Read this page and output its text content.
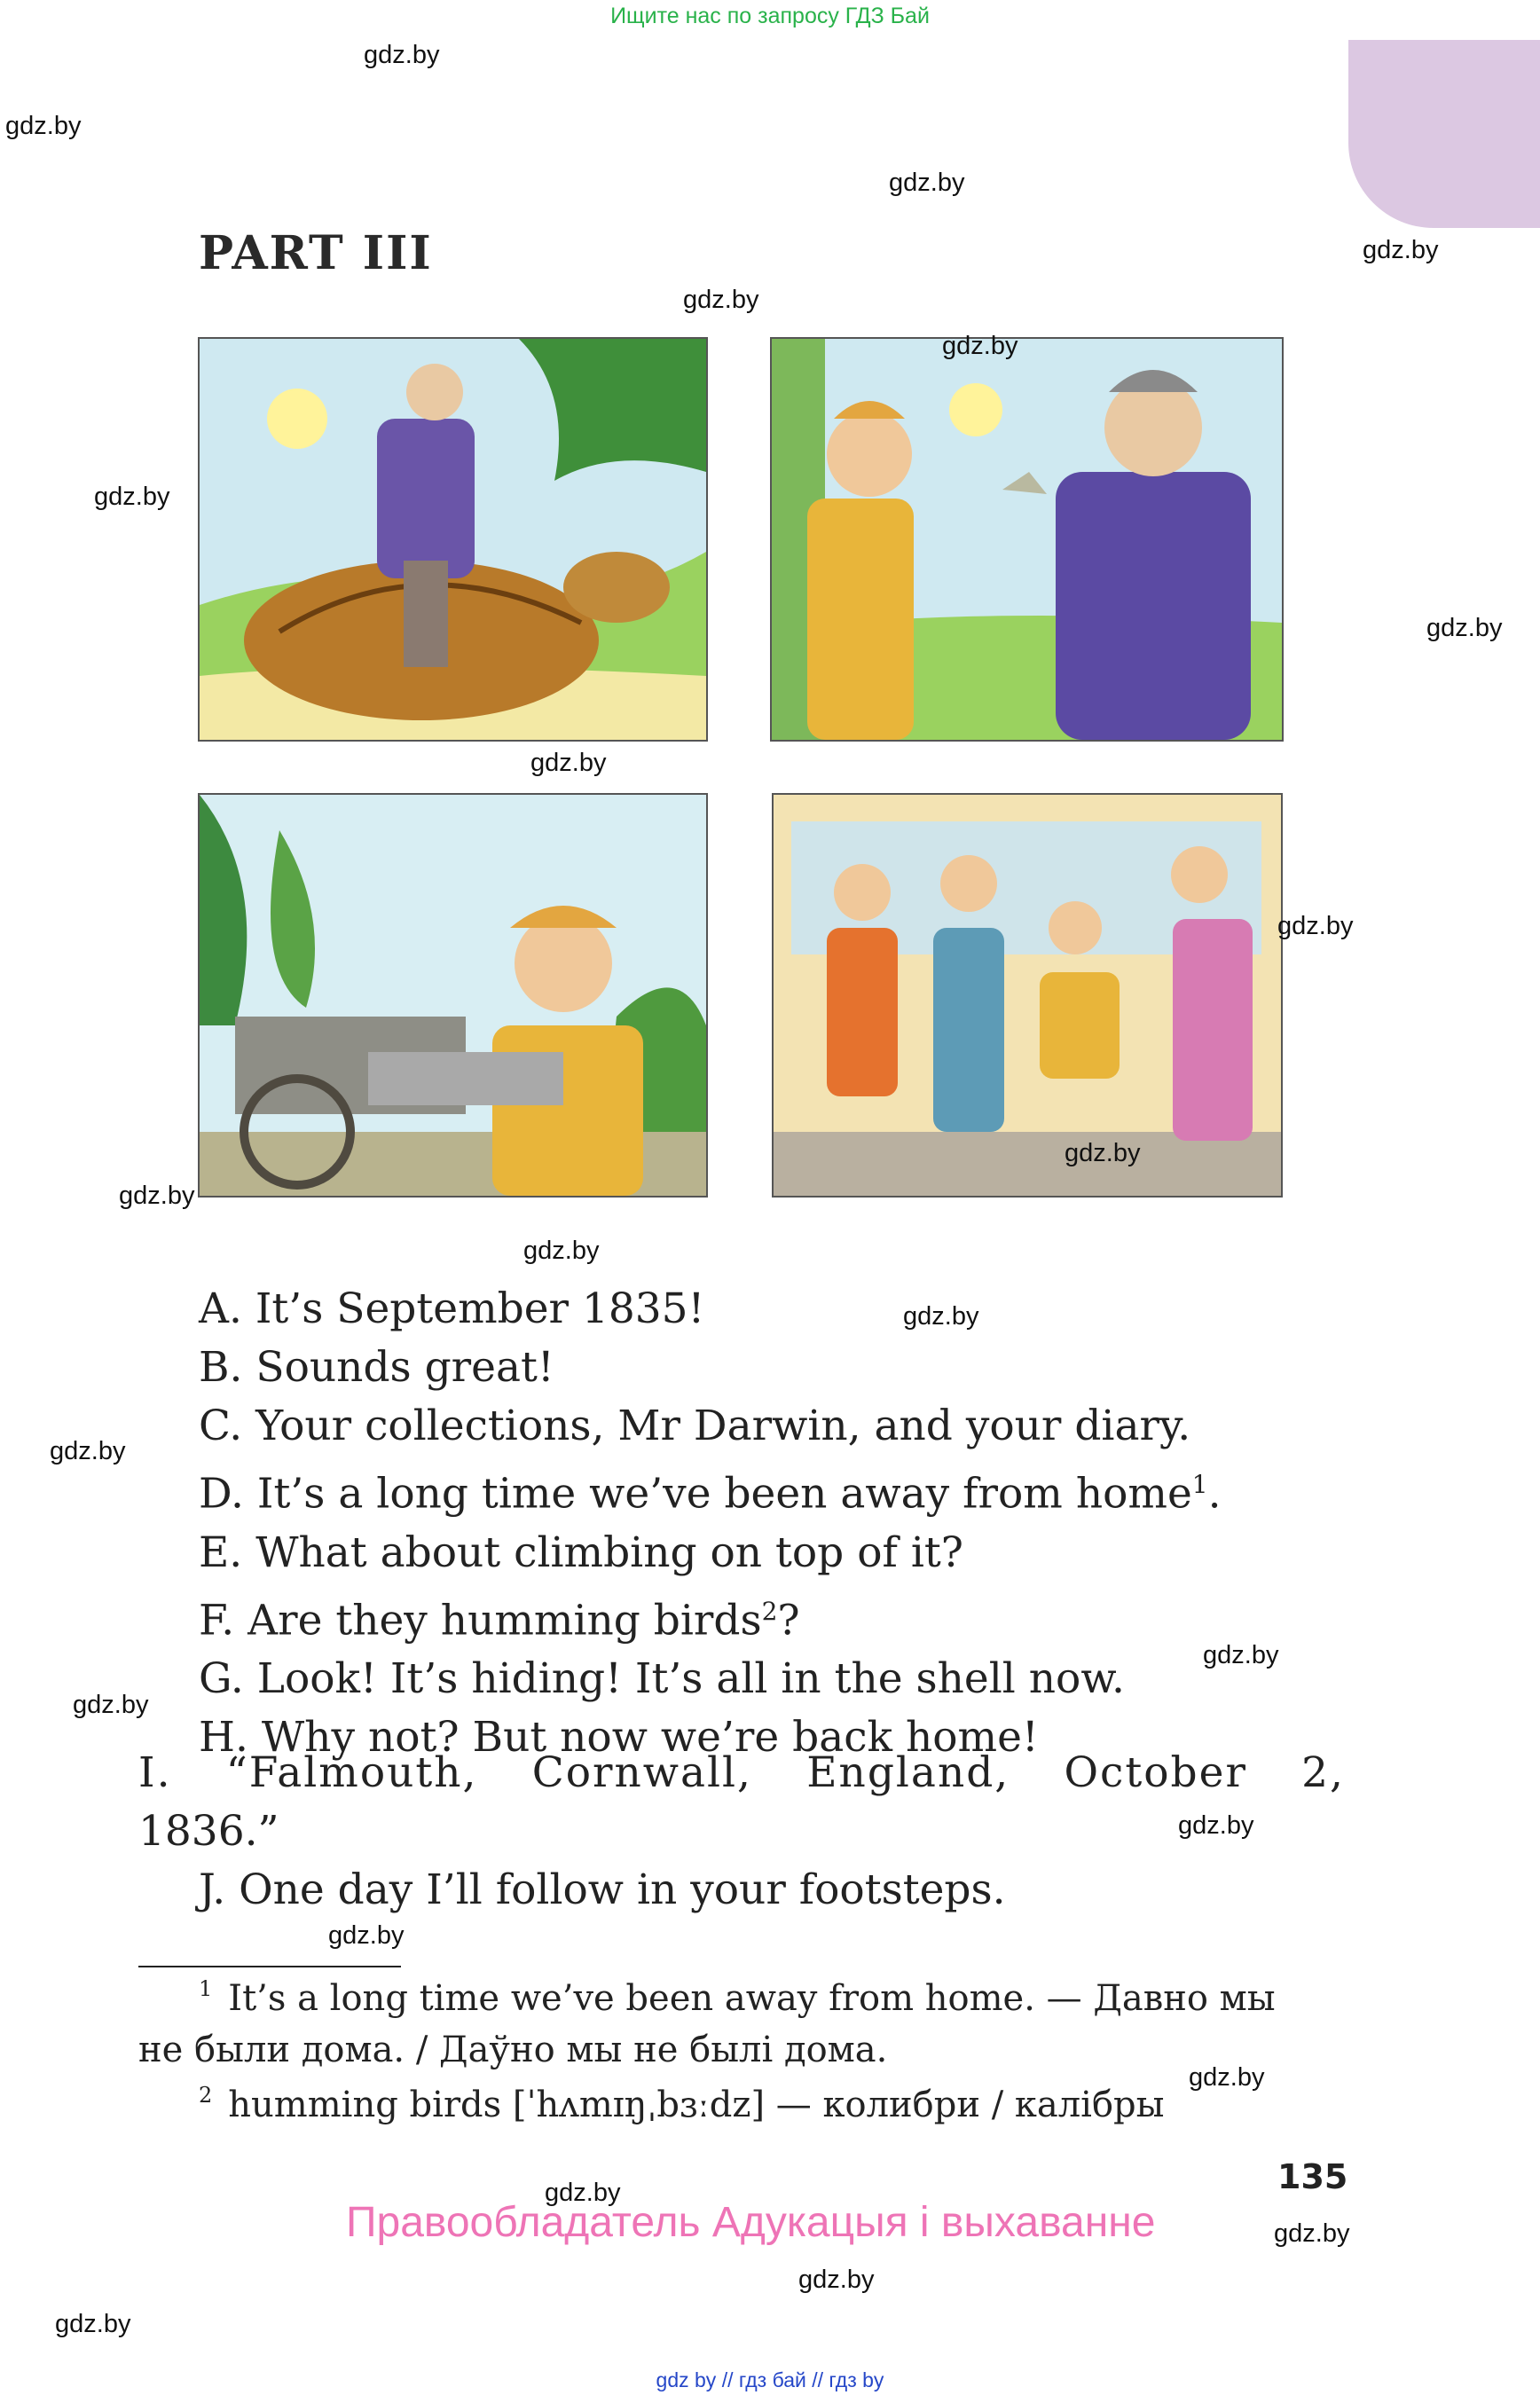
Ищите нас по запросу ГДЗ Бай
PART III
A. It’s September 1835!
B. Sounds great!
C. Your collections, Mr Darwin, and your diary.
D. It’s a long time we’ve been away from home$^1$.
E. What about climbing on top of it?
F. Are they humming birds$^2$?
G. Look! It’s hiding! It’s all in the shell now.
H. Why not? But now we’re back home!
I. “Falmouth, Cornwall, England, October 2,
1836.”
J. One day I’ll follow in your footsteps.
$^1$ It’s a long time we’ve been away from home. — Давно мы
не были дома. / Даўно мы не былі дома.
$^2$ humming birds [ˈhʌmɪŋˌbɜːdz] — колибри / калібры
135
Правообладатель Адукацыя і выхаванне
gdz by // гдз бай // гдз by
gdz.by
gdz.by
gdz.by
gdz.by
gdz.by
gdz.by
gdz.by
gdz.by
gdz.by
gdz.by
gdz.by
gdz.by
gdz.by
gdz.by
gdz.by
gdz.by
gdz.by
gdz.by
gdz.by
gdz.by
gdz.by
gdz.by
gdz.by
gdz.by
